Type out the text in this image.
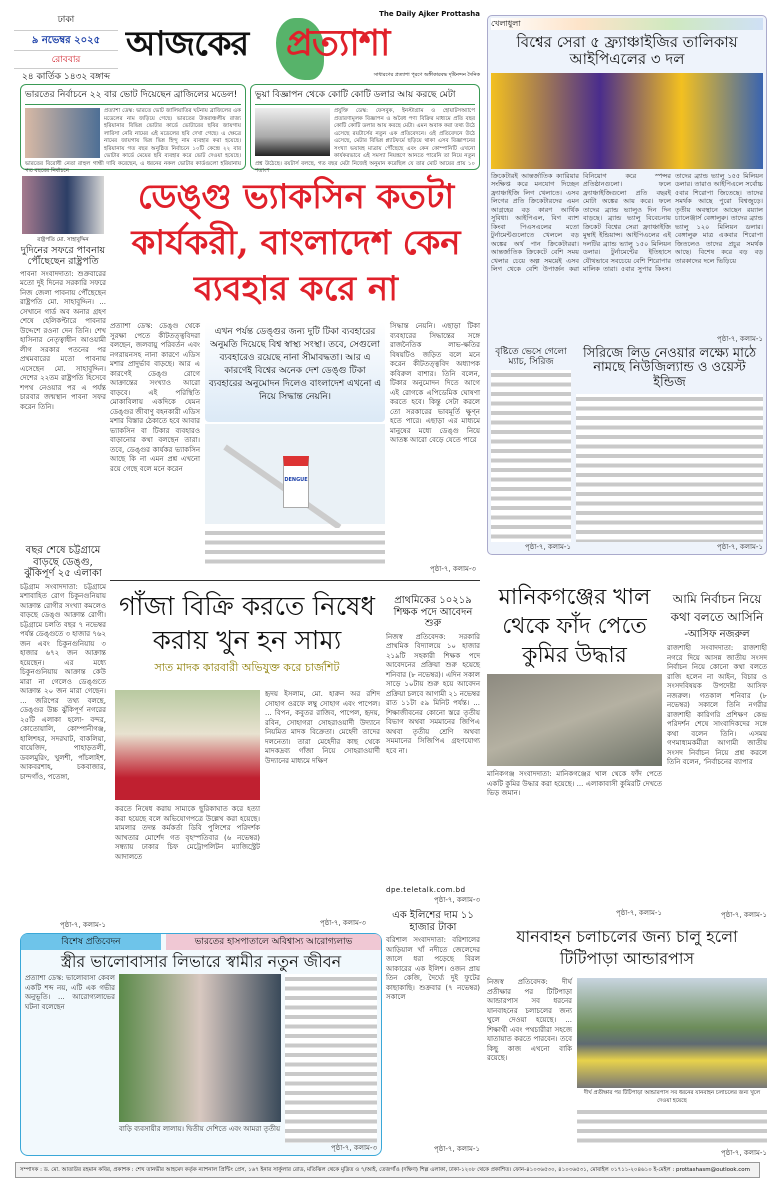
ঢাকা
৯ নভেম্বর ২০২৫
রোববার
২৪ কার্তিক ১৪৩২ বঙ্গাব্দ
The Daily Ajker Prottasha
আজকের প্রত্যাশা
সাধারণের প্রত্যাশা পূরণে অঙ্গীকারবদ্ধ দৃষ্টিনন্দন দৈনিক
ভারতের নির্বাচনে ২২ বার ভোট দিয়েছেন ব্রাজিলের মডেল!
প্রত্যাশা ডেস্ক: ভারতে ভোট জালিয়াতির ঘটনায় ব্রাজিলের এক মডেলের নাম জড়িয়ে গেছে। ভারতের উত্তরাঞ্চলীয় রাজ্য হরিয়ানার বিভিন্ন ভোটার কার্ডে ভোটারের ছবির জায়গায় লারিসা নেরি নামের এই মডেলের ছবি দেখা গেছে। এ ক্ষেত্রে নামের জায়গায় ভিন্ন ভিন্ন হিন্দু নাম ব্যবহার করা হয়েছে। হরিয়ানায় গত বছর অনুষ্ঠিত নির্বাচনে ১০টি কেন্দ্রে ২২ বার ভোটার কার্ডে মেয়ের ছবি ব্যবহার করে ভোট দেওয়া হয়েছে। ভারতের বিরোধী নেতা রাহুল গান্ধী দাবি করেছেন, এ ধরনের নকল ভোটার কার্ডগুলো হরিয়ানায় গত বছরের নির্বাচনে
ভুয়া বিজ্ঞাপন থেকে কোটি কোটি ডলার আয় করছে মেটা
প্রযুক্তি ডেস্ক: ফেসবুক, ইনস্টাগ্রাম ও হোয়াটসঅ্যাপে প্রতারণামূলক বিজ্ঞাপন ও অবৈধ পণ্য বিক্রির মাধ্যমে প্রতি বছর কোটি কোটি ডলার আয় করছে মেটা। এমন অবাক করা তথ্য উঠে এসেছে রয়টার্সের নতুন এক প্রতিবেদনে। ওই প্রতিবেদনে উঠে এসেছে, মেটার বিভিন্ন প্ল্যাটফর্মে ছড়িয়ে থাকা এসব বিজ্ঞাপনের সংখ্যা ভয়াবহ মাত্রায় পৌঁছেছে এবং কেন কোম্পানিটি এখনো কার্যকরভাবে এই সমস্যা নিয়ন্ত্রণে আনতে পারেনি তা নিয়ে নতুন প্রশ্ন উঠেছে। রয়টার্স বলছে, গত বছর মেটা নিজেই অনুমান করেছিল যে তার মোট আয়ের প্রায় ১০ শতাংশ
রাষ্ট্রপতি মো. সাহাবুদ্দিন
দুদিনের সফরে পাবনায় পৌঁছেছেন রাষ্ট্রপতি
পাবনা সংবাদদাতা: শুক্রবারের মতো দুই দিনের সরকারি সফরে নিজ জেলা পাবনায় পৌঁছেছেন রাষ্ট্রপতি মো. সাহাবুদ্দিন। ... সেখানে গার্ড অব অনার গ্রহণ শেষে হেলিকপ্টারে পাবনার উদ্দেশে রওনা দেন তিনি। শেখ হাসিনার নেতৃত্বাধীন আওয়ামী লীগ সরকার পতনের পর প্রথমবারের মতো পাবনায় এসেছেন মো. সাহাবুদ্দিন। দেশের ২২তম রাষ্ট্রপতি হিসেবে শপথ নেওয়ার পর এ পর্যন্ত চারবার জন্মস্থান পাবনা সফর করেন তিনি।
বছর শেষে চট্টগ্রামে বাড়ছে ডেঙ্গু, ঝুঁকিপূর্ণ ২৫ এলাকা
চট্টগ্রাম সংবাদদাতা: চট্টগ্রামে মশাবাহিত রোগ চিকুনগুনিয়ায় আক্রান্ত রোগীর সংখ্যা কমলেও বাড়ছে ডেঙ্গু আক্রান্ত রোগী। চট্টগ্রামে চলতি বছর ৭ নভেম্বর পর্যন্ত ডেঙ্গুতে ৩ হাজার ৭৬২ জন এবং চিকুনগুনিয়ায় ৩ হাজার ৬৭২ জন আক্রান্ত হয়েছেন। এর মধ্যে চিকুনগুনিয়ায় আক্রান্ত কেউ মারা না গেলেও ডেঙ্গুতে আক্রান্ত ২০ জন মারা গেছেন। ... জরিপের তথ্য বলছে, ডেঙ্গুর উচ্চ ঝুঁকিপূর্ণ নগরের ২৫টি এলাকা হলো- বন্দর, কোতোয়ালি, কোম্পানীগঞ্জ, হালিশহর, সদরঘাট, বাকলিয়া, বায়েজিদ, পাহাড়তলী, ডবলমুরিং, খুলশী, পাঁচলাইশ, আকবরশাহ, চকবাজার, চান্দগাঁও, পতেঙ্গা,
পৃষ্ঠা-৭, কলাম-১
ডেঙ্গু ভ্যাকসিন কতটা কার্যকরী, বাংলাদেশ কেন ব্যবহার করে না
প্রত্যাশা ডেস্ক: ডেঙ্গু থেকে সুরক্ষা পেতে কীটতত্ত্ববিদরা বলছেন, জলবায়ু পরিবর্তন এবং নগরায়নসহ নানা কারণে এডিস মশার প্রাদুর্ভাব বাড়ছে। আর এ কারণেই ডেঙ্গু রোগে আক্রান্তের সংখ্যাও আরো বাড়বে। এই পরিস্থিতি মোকাবিলায় একদিকে যেমন ডেঙ্গুর জীবাণু বহনকারী এডিস মশার বিস্তার ঠেকাতে হবে আবার ভ্যাকসিন বা টিকার ব্যবহারও বাড়ানোর কথা বলছেন তারা। তবে, ডেঙ্গুর কার্যকর ভ্যাকসিন আছে কি না এমন প্রশ্ন এখনো রয়ে গেছে বলে মনে করেন
এখন পর্যন্ত ডেঙ্গুর জন্য দুটি টিকা ব্যবহারের অনুমতি দিয়েছে বিশ্ব স্বাস্থ্য সংস্থা। তবে, সেগুলো ব্যবহারেও রয়েছে নানা সীমাবদ্ধতা। আর এ কারণেই বিশ্বের অনেক দেশ ডেঙ্গু টিকা ব্যবহারের অনুমোদন দিলেও বাংলাদেশ এখনো এ নিয়ে সিদ্ধান্ত নেয়নি।
DENGUE
সিদ্ধান্ত নেয়নি। এছাড়া টিকা ব্যবহারের সিদ্ধান্তের সঙ্গে রাজনৈতিক লাভ-ক্ষতির বিষয়টিও জড়িত বলে মনে করেন কীটতত্ত্ববিদ অধ্যাপক কবিরুল বাশার। তিনি বলেন, টিকার অনুমোদন দিতে আগে এই রোগকে এপিডেমিক ঘোষণা করতে হবে। কিন্তু সেটা করলে তো সরকারের ভাবমূর্তি ক্ষুণ্ন হতে পারে। এছাড়া এর মাধ্যমে মানুষের মধ্যে ডেঙ্গু নিয়ে আতঙ্ক আরো বেড়ে যেতে পারে
পৃষ্ঠা-৭, কলাম-৩
গাঁজা বিক্রি করতে নিষেধ করায় খুন হন সাম্য
সাত মাদক কারবারী অভিযুক্ত করে চার্জশিট
হৃদয় ইসলাম, মো. হারুন অর রশিদ সোহাগ ওরফে লম্বু সোহাগ এবং পাপেল। ... বিপন, কবুতর রাজিব, পাপেল, হৃদয়, রবিন, সোহাগরা সোহরাওয়ার্দী উদ্যানে নিয়মিত মাদক বিক্রেতা। মেহেদী তাদের দলনেতা। তারা মেহেদীর কাছ থেকে মাদকদ্রব্য গাঁজা নিয়ে সোহরাওয়ার্দী উদ্যানের মাধ্যমে দক্ষিণ
করতে নিষেধ করায় সাম্যকে ছুরিকাঘাত করে হত্যা করা হয়েছে বলে অভিযোগপত্রে উল্লেখ করা হয়েছে। মামলার তদন্ত কর্মকর্তা ডিবি পুলিশের পরিদর্শক আখতার মোর্শেদ গত বৃহস্পতিবার (৬ নভেম্বর) সন্ধ্যায় ঢাকার চিফ মেট্রোপলিটন ম্যাজিস্ট্রেট আদালতে
পৃষ্ঠা-৭, কলাম-৩
প্রাথমিকের ১০২১৯ শিক্ষক পদে আবেদন শুরু
নিজস্ব প্রতিবেদক: সরকারি প্রাথমিক বিদ্যালয়ে ১০ হাজার ২১৯টি সহকারী শিক্ষক পদে আবেদনের প্রক্রিয়া শুরু হয়েছে শনিবার (৮ নভেম্বর)। এদিন সকাল সাড়ে ১০টায় শুরু হয়ে আবেদন প্রক্রিয়া চলবে আগামী ২১ নভেম্বর রাত ১১টা ৫৯ মিনিট পর্যন্ত। ... শিক্ষাজীবনের কোনো স্তরে তৃতীয় বিভাগ অথবা সমমানের জিপিএ অথবা তৃতীয় শ্রেণি অথবা সমমানের সিজিপিএ গ্রহণযোগ্য হবে না।
dpe.teletalk.com.bd
পৃষ্ঠা-৭, কলাম-৩
এক ইলিশের দাম ১১ হাজার টাকা
বরিশাল সংবাদদাতা: বরিশালের আড়িয়াল খাঁ নদীতে জেলেদের জালে ধরা পড়েছে বিরল আকারের এক ইলিশ। ওজন প্রায় তিন কেজি, দৈর্ঘ্যে দুই ফুটের কাছাকাছি। শুক্রবার (৭ নভেম্বর) সকালে
পৃষ্ঠা-৭, কলাম-১
খেলাধুলা
বিশ্বের সেরা ৫ ফ্র্যাঞ্চাইজির তালিকায় আইপিএলের ৩ দল
ক্রিকেটারই আন্তর্জাতিক ক্যারিয়ার সংক্ষিপ্ত করে মনযোগ দিচ্ছেন ফ্র্যাঞ্চাইজি লিগ খেলাতে। এসব লিগের প্রতি ক্রিকেটারদের এমন আগ্রহের বড় কারণ আর্থিক সুবিধা। আইপিএল, বিগ ব্যাশ কিংবা পিএসএলের মতো টুর্নামেন্টগুলোতে খেললে বড় অঙ্কের অর্থ পান ক্রিকেটাররা। আন্তর্জাতিক ক্রিকেটে বেশি সময় খেলার চেয়ে অল্প সময়েই এসব লিগ থেকে বেশি উপার্জন করা বিনিয়োগ করে স্পন্সর প্রতিষ্ঠানগুলো। ফলে ফ্র্যাঞ্চাইজিগুলো প্রতি বছরই মোটা অঙ্কের আয় করে। ফলে তাদের ব্র্যান্ড ভ্যালুও দিন দিন বাড়ছে। ব্র্যান্ড ভ্যালু বিবেচনায় ক্রিকেট বিশ্বের সেরা ফ্র্যাঞ্চাইজি মুম্বাই ইন্ডিয়ান্স। আইপিএলের এই দলটির ব্র্যান্ড ভ্যালু ১৫০ মিলিয়ন ডলার। টুর্নামেন্টের ইতিহাসে যৌথভাবে সবচেয়ে বেশি শিরোপার মালিক তারা। ৫বার সুপার কিংস। তাদের ব্র্যান্ড ভ্যালু ১৫৫ মিলিয়ন ডলার। তারাও আইপিএলে সর্বোচ্চ ৫বার শিরোপা জিতেছে। তাদের সমর্থক আছে পুরো বিশ্বজুড়ে। তৃতীয় অবস্থানে আছেন রয়্যাল চ্যালেঞ্জার্স বেঙ্গালুরু। তাদের ব্র্যান্ড ভ্যালু ১২০ মিলিয়ন ডলার। বেঙ্গালুরু মাত্র একবার শিরোপা জিতলেও তাদের প্রচুর সমর্থক আছে। বিশেষ করে বড় বড় তারকাদের দলে ভিড়িয়ে
পৃষ্ঠা-৭, কলাম-১
বৃষ্টিতে ভেসে গেলো ম্যাচ, সিরিজ
পৃষ্ঠা-৭, কলাম-১
সিরিজে লিড নেওয়ার লক্ষ্যে মাঠে নামছে নিউজিল্যান্ড ও ওয়েস্ট ইন্ডিজ
পৃষ্ঠা-৭, কলাম-১
মানিকগঞ্জের খাল থেকে ফাঁদ পেতে কুমির উদ্ধার
মানিকগঞ্জ সংবাদদাতা: মানিকগঞ্জের খাল থেকে ফাঁদ পেতে একটি কুমির উদ্ধার করা হয়েছে। ... এলাকাবাসী কুমিরটি দেখতে ভিড় জমান।
পৃষ্ঠা-৭, কলাম-১
আমি নির্বাচন নিয়ে কথা বলতে আসিনি
-আসিফ নজরুল
রাজশাহী সংবাদদাতা: রাজশাহী নগরে দিয়ে আসন্ন জাতীয় সংসদ নির্বাচন নিয়ে কোনো কথা বলতে রাজি হলেন না আইন, বিচার ও সংসদবিষয়ক উপদেষ্টা আসিফ নজরুল। গতকাল শনিবার (৮ নভেম্বর) সকালে তিনি নগরীর রাজশাহী কারিগরি প্রশিক্ষণ কেন্দ্র পরিদর্শন শেষে সাংবাদিকদের সঙ্গে কথা বলেন তিনি। এসময় গণমাধ্যমকর্মীরা আগামী জাতীয় সংসদ নির্বাচন নিয়ে প্রশ্ন করলে তিনি বলেন, 'নির্বাচনের ব্যাপার
পৃষ্ঠা-৭, কলাম-১
যানবাহন চলাচলের জন্য চালু হলো টিটিপাড়া আন্ডারপাস
নিজস্ব প্রতিবেদক: দীর্ঘ প্রতীক্ষার পর টিটিপাড়া আন্ডারপাস সব ধরনের যানবাহনের চলাচলের জন্য খুলে দেওয়া হয়েছে। ... শিক্ষার্থী এবং পথচারীরা সহজে যাতায়াত করতে পারবেন। তবে কিছু কাজ এখনো বাকি রয়েছে।
দীর্ঘ প্রতীক্ষার পর টিটিপাড়া আন্ডারপাস সব ধরনের যানবাহন চলাচলের জন্য খুলে দেওয়া হয়েছে
পৃষ্ঠা-৭, কলাম-১
বিশেষ প্রতিবেদন	ভারতের হাসপাতালে অবিশ্বাস্য আরোগ্যলাভ
স্ত্রীর ভালোবাসার লিভারে স্বামীর নতুন জীবন
প্রত্যাশা ডেস্ক: ভালোবাসা কেবল একটি শব্দ নয়, এটি এক গভীর অনুভূতি। ... আরোগ্যলাভের ঘটনা বলেছেন
বাড়ি ব্যবসায়ীর লালায়। দ্বিতীয় দেশিতে এবং আমরা তৃতীয়
পৃষ্ঠা-৭, কলাম-৩
সম্পাদক : ড. মো. আতাউর রহমান কবির, প্রকাশক : শেখ তানভীর আহমেদ কর্তৃক ন্যাশনাল প্রিন্টিং প্রেস, ১৬৭ ইনার সার্কুলার রোড, মতিঝিল থেকে মুদ্রিত ও ৭/আই, তেজগাঁও (দক্ষিণ) শিল্প এলাকা, ঢাকা-১২০৮ থেকে প্রকাশিত। ফোন-৪১০৩৬৫৩০, ৪১০৩৬৫৩১, মোবাইল ০১৭১১-২০৪৬১০ ই-মেইল : prottashasm@outlook.com
